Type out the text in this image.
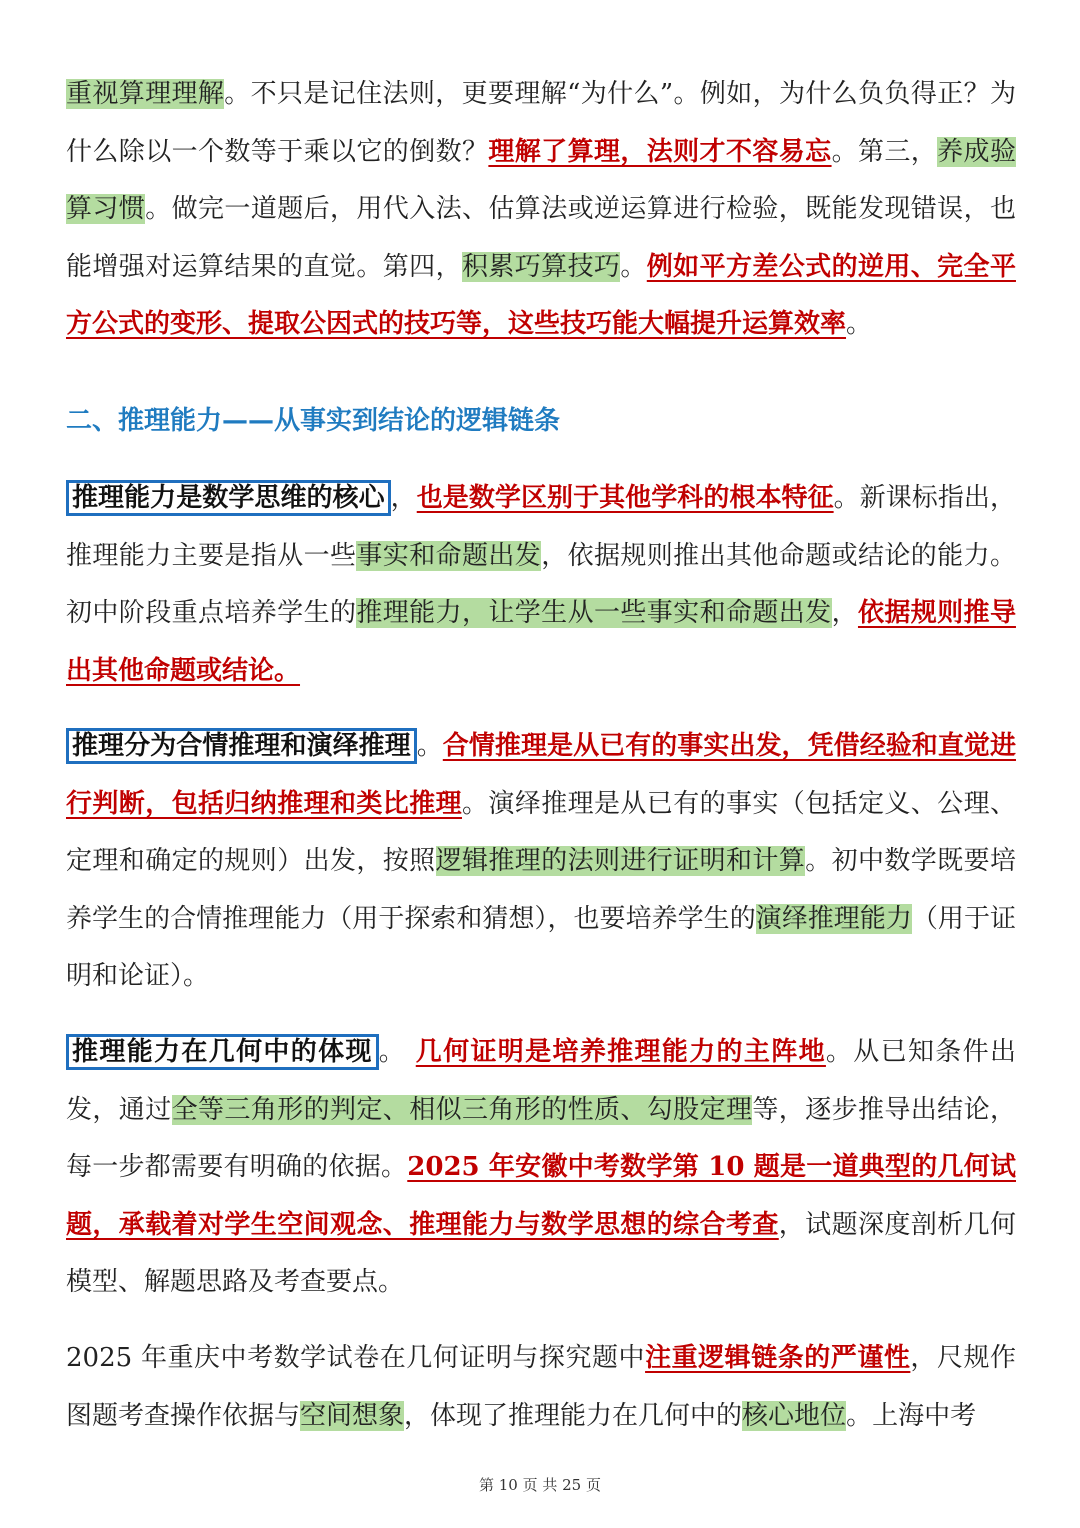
重视算理理解。不只是记住法则，更要理解“为什么”。例如，为什么负负得正？为什么除以一个数等于乘以它的倒数？理解了算理，法则才不容易忘。第三，养成验算习惯。做完一道题后，用代入法、估算法或逆运算进行检验，既能发现错误，也能增强对运算结果的直觉。第四，积累巧算技巧。例如平方差公式的逆用、完全平方公式的变形、提取公因式的技巧等，这些技巧能大幅提升运算效率。

二、推理能力——从事实到结论的逻辑链条

推理能力是数学思维的核心 ，也是数学区别于其他学科的根本特征。新课标指出，推理能力主要是指从一些事实和命题出发，依据规则推出其他命题或结论的能力。初中阶段重点培养学生的推理能力，让学生从一些事实和命题出发，依据规则推导出其他命题或结论。

推理分为合情推理和演绎推理 。合情推理是从已有的事实出发，凭借经验和直觉进行判断，包括归纳推理和类比推理。演绎推理是从已有的事实（包括定义、公理、定理和确定的规则）出发，按照逻辑推理的法则进行证明和计算。初中数学既要培养学生的合情推理能力（用于探索和猜想），也要培养学生的演绎推理能力（用于证明和论证）。

推理能力在几何中的体现 。 几何证明是培养推理能力的主阵地。从已知条件出发，通过全等三角形的判定、相似三角形的性质、勾股定理等，逐步推导出结论，每一步都需要有明确的依据。2025 年安徽中考数学第 10 题是一道典型的几何试题，承载着对学生空间观念、推理能力与数学思想的综合考查，试题深度剖析几何模型、解题思路及考查要点。

2025 年重庆中考数学试卷在几何证明与探究题中注重逻辑链条的严谨性，尺规作图题考查操作依据与空间想象，体现了推理能力在几何中的核心地位。上海中考

第 10 页 共 25 页
